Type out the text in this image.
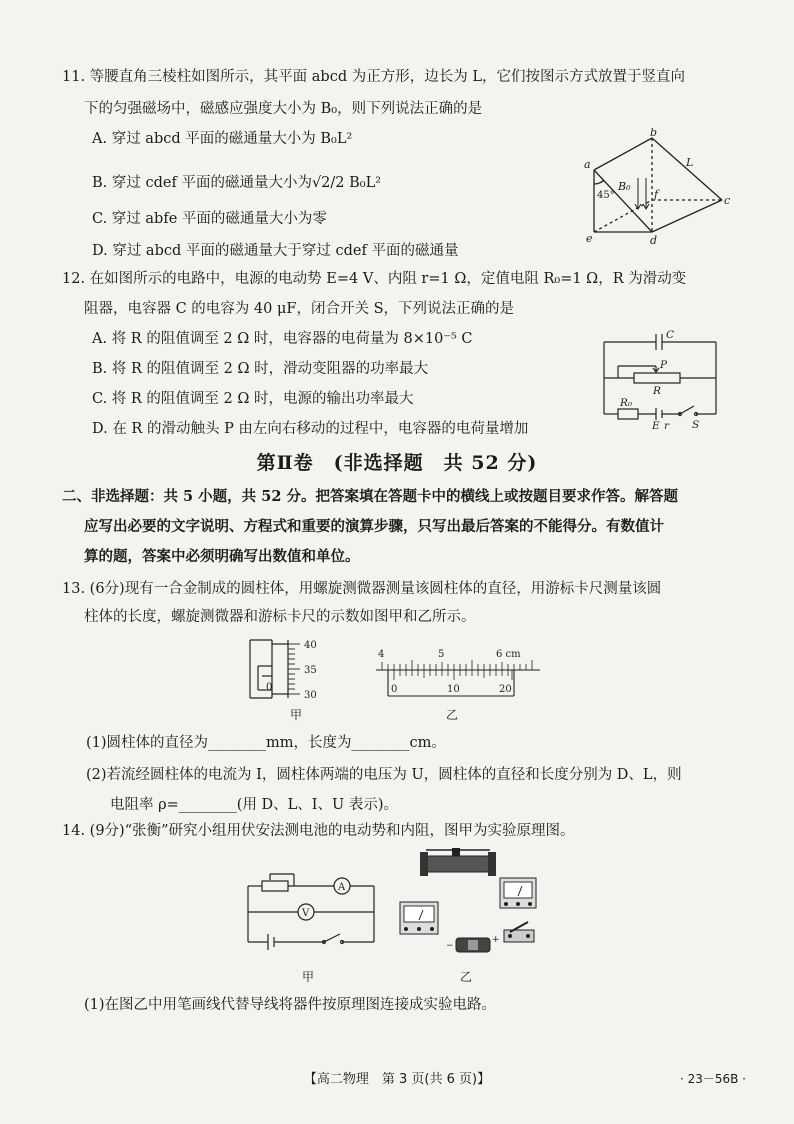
11. 等腰直角三棱柱如图所示，其平面 abcd 为正方形，边长为 L，它们按图示方式放置于竖直向
下的匀强磁场中，磁感应强度大小为 B₀，则下列说法正确的是
A. 穿过 abcd 平面的磁通量大小为 B₀L²
B. 穿过 cdef 平面的磁通量大小为√2/2 B₀L²
C. 穿过 abfe 平面的磁通量大小为零
D. 穿过 abcd 平面的磁通量大于穿过 cdef 平面的磁通量
a
b
c
d
e
f
L
B₀
45°
12. 在如图所示的电路中，电源的电动势 E=4 V、内阻 r=1 Ω，定值电阻 R₀=1 Ω，R 为滑动变
阻器，电容器 C 的电容为 40 μF，闭合开关 S，下列说法正确的是
A. 将 R 的阻值调至 2 Ω 时，电容器的电荷量为 8×10⁻⁵ C
B. 将 R 的阻值调至 2 Ω 时，滑动变阻器的功率最大
C. 将 R 的阻值调至 2 Ω 时，电源的输出功率最大
D. 在 R 的滑动触头 P 由左向右移动的过程中，电容器的电荷量增加
C
P
R
R₀
E r S
第Ⅱ卷　(非选择题　共 52 分)
二、非选择题：共 5 小题，共 52 分。把答案填在答题卡中的横线上或按题目要求作答。解答题
应写出必要的文字说明、方程式和重要的演算步骤，只写出最后答案的不能得分。有数值计
算的题，答案中必须明确写出数值和单位。
13. (6分)现有一合金制成的圆柱体，用螺旋测微器测量该圆柱体的直径，用游标卡尺测量该圆
柱体的长度，螺旋测微器和游标卡尺的示数如图甲和乙所示。
40
35
30
0
甲
4	5	6 cm
0	10	20
乙
(1)圆柱体的直径为________mm，长度为________cm。
(2)若流经圆柱体的电流为 I，圆柱体两端的电压为 U，圆柱体的直径和长度分别为 D、L，则
电阻率 ρ=________(用 D、L、I、U 表示)。
14. (9分)“张衡”研究小组用伏安法测电池的电动势和内阻，图甲为实验原理图。
A
V
甲
+
−
乙
(1)在图乙中用笔画线代替导线将器件按原理图连接成实验电路。
【高二物理　第 3 页(共 6 页)】	· 23－56B ·
